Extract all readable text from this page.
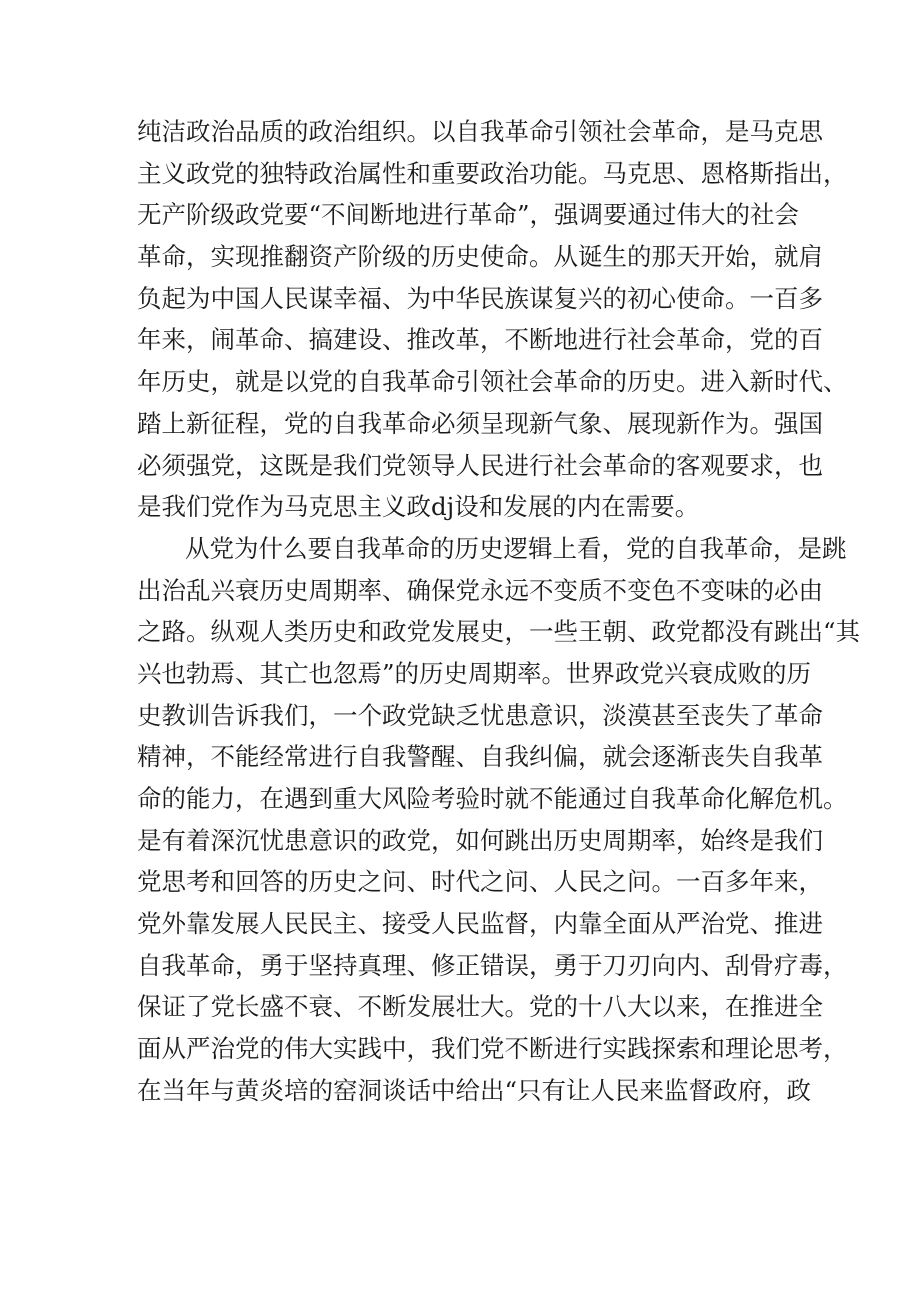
纯洁政治品质的政治组织。以自我革命引领社会革命，是马克思
主义政党的独特政治属性和重要政治功能。马克思、恩格斯指出，
无产阶级政党要“不间断地进行革命”，强调要通过伟大的社会
革命，实现推翻资产阶级的历史使命。从诞生的那天开始，就肩
负起为中国人民谋幸福、为中华民族谋复兴的初心使命。一百多
年来，闹革命、搞建设、推改革，不断地进行社会革命，党的百
年历史，就是以党的自我革命引领社会革命的历史。进入新时代、
踏上新征程，党的自我革命必须呈现新气象、展现新作为。强国
必须强党，这既是我们党领导人民进行社会革命的客观要求，也
是我们党作为马克思主义政dj设和发展的内在需要。
从党为什么要自我革命的历史逻辑上看，党的自我革命，是跳
出治乱兴衰历史周期率、确保党永远不变质不变色不变味的必由
之路。纵观人类历史和政党发展史，一些王朝、政党都没有跳出“其
兴也勃焉、其亡也忽焉”的历史周期率。世界政党兴衰成败的历
史教训告诉我们，一个政党缺乏忧患意识，淡漠甚至丧失了革命
精神，不能经常进行自我警醒、自我纠偏，就会逐渐丧失自我革
命的能力，在遇到重大风险考验时就不能通过自我革命化解危机。
是有着深沉忧患意识的政党，如何跳出历史周期率，始终是我们
党思考和回答的历史之问、时代之问、人民之问。一百多年来，
党外靠发展人民民主、接受人民监督，内靠全面从严治党、推进
自我革命，勇于坚持真理、修正错误，勇于刀刃向内、刮骨疗毒，
保证了党长盛不衰、不断发展壮大。党的十八大以来，在推进全
面从严治党的伟大实践中，我们党不断进行实践探索和理论思考，
在当年与黄炎培的窑洞谈话中给出“只有让人民来监督政府，政
